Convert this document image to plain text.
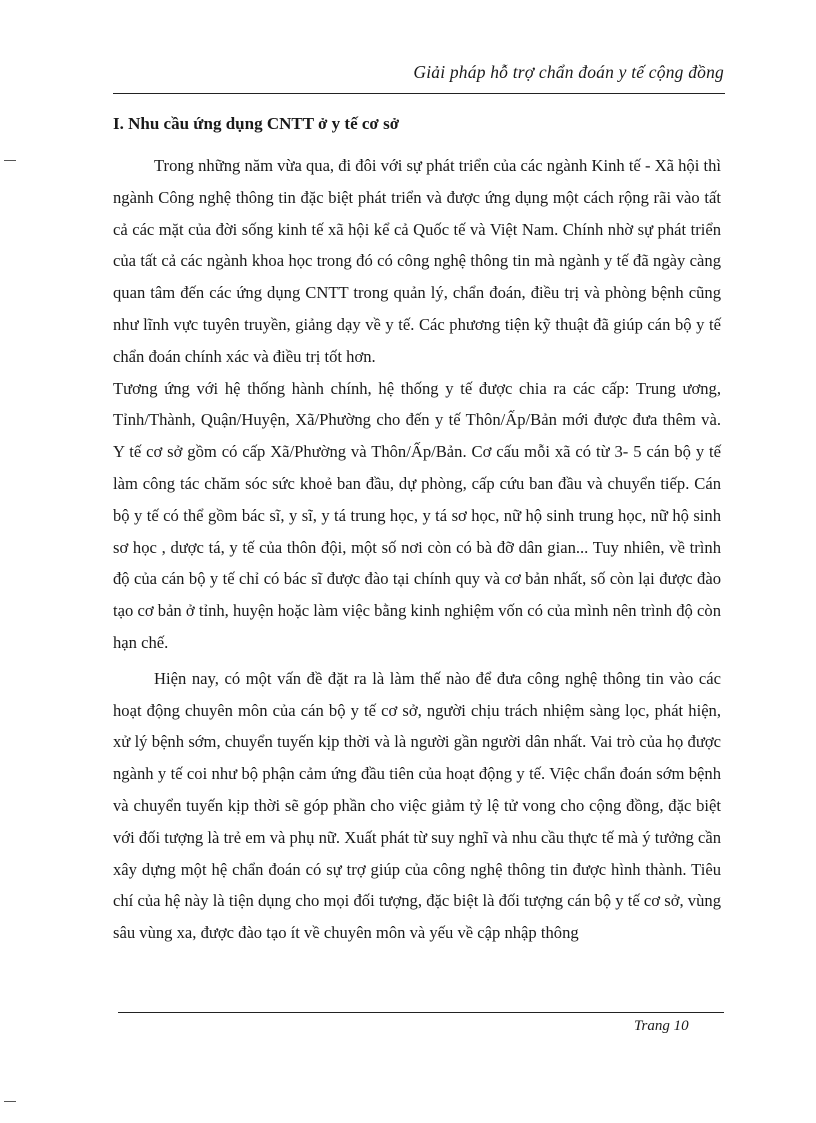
Giải pháp hỗ trợ chẩn đoán y tế cộng đồng
I. Nhu cầu ứng dụng CNTT ở y tế cơ sở

Trong những năm vừa qua, đi đôi với sự phát triển của các ngành Kinh tế - Xã hội thì ngành Công nghệ thông tin đặc biệt phát triển và được ứng dụng một cách rộng rãi vào tất cả các mặt của đời sống kinh tế xã hội kể cả Quốc tế và Việt Nam. Chính nhờ sự phát triển của tất cả các ngành khoa học trong đó có công nghệ thông tin mà ngành y tế đã ngày càng quan tâm đến các ứng dụng CNTT trong quản lý, chẩn đoán, điều trị và phòng bệnh cũng như lĩnh vực tuyên truyền, giảng dạy về y tế. Các phương tiện kỹ thuật đã giúp cán bộ y tế chẩn đoán chính xác và điều trị tốt hơn.

Tương ứng với hệ thống hành chính, hệ thống y tế được chia ra các cấp: Trung ương, Tỉnh/Thành, Quận/Huyện, Xã/Phường cho đến y tế Thôn/Ấp/Bản mới được đưa thêm và. Y tế cơ sở gồm có cấp Xã/Phường và Thôn/Ấp/Bản. Cơ cấu mỗi xã có từ 3- 5 cán bộ y tế làm công tác chăm sóc sức khoẻ ban đầu, dự phòng, cấp cứu ban đầu và chuyển tiếp. Cán bộ y tế có thể gồm bác sĩ, y sĩ, y tá trung học, y tá sơ học, nữ hộ sinh trung học, nữ hộ sinh sơ học , dược tá, y tế của thôn đội, một số nơi còn có bà đỡ dân gian... Tuy nhiên, về trình độ của cán bộ y tế chỉ có bác sĩ được đào tại chính quy và cơ bản nhất, số còn lại được đào tạo cơ bản ở tỉnh, huyện hoặc làm việc bằng kinh nghiệm vốn có của mình nên trình độ còn hạn chế.

Hiện nay, có một vấn đề đặt ra là làm thế nào để đưa công nghệ thông tin vào các hoạt động chuyên môn của cán bộ y tế cơ sở, người chịu trách nhiệm sàng lọc, phát hiện, xử lý bệnh sớm, chuyển tuyến kịp thời và là người gần người dân nhất. Vai trò của họ được ngành y tế coi như bộ phận cảm ứng đầu tiên của hoạt động y tế. Việc chẩn đoán sớm bệnh và chuyển tuyến kịp thời sẽ góp phần cho việc giảm tỷ lệ tử vong cho cộng đồng, đặc biệt với đối tượng là trẻ em và phụ nữ. Xuất phát từ suy nghĩ và nhu cầu thực tế mà ý tưởng cần xây dựng một hệ chẩn đoán có sự trợ giúp của công nghệ thông tin được hình thành. Tiêu chí của hệ này là tiện dụng cho mọi đối tượng, đặc biệt là đối tượng cán bộ y tế cơ sở, vùng sâu vùng xa, được đào tạo ít về chuyên môn và yếu về cập nhập thông

Trang 10
